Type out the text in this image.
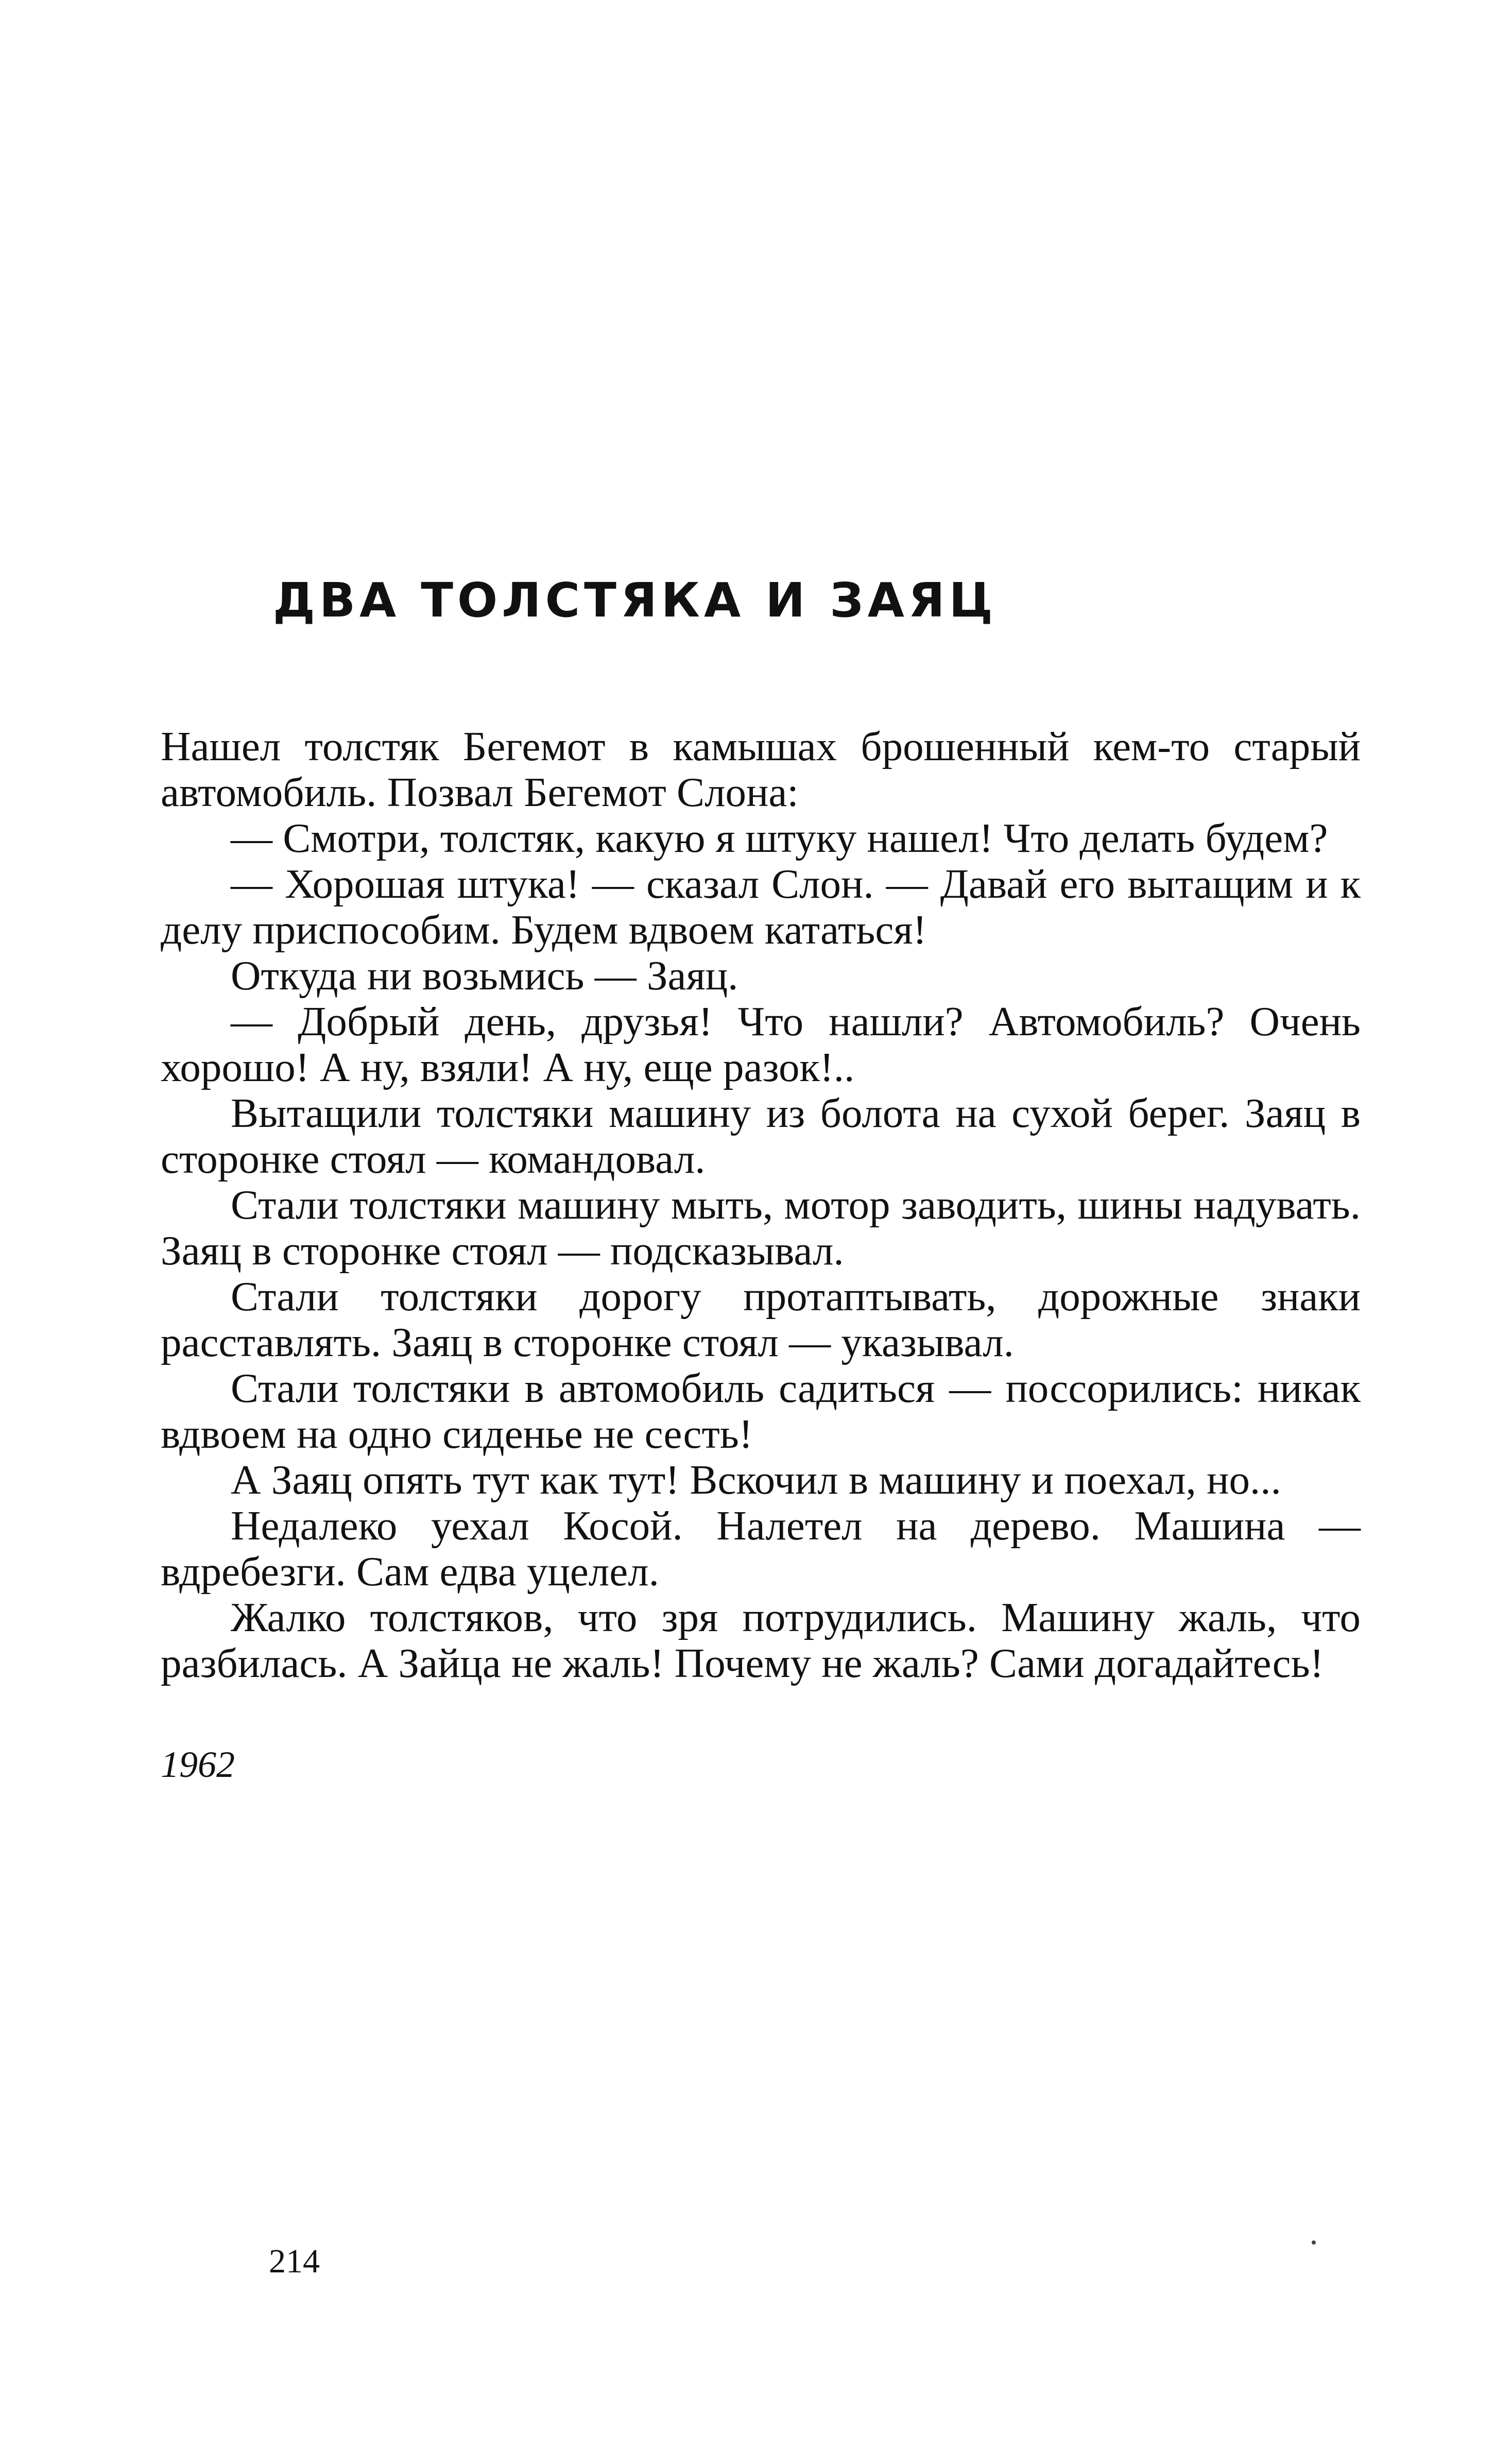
ДВА ТОЛСТЯКА И ЗАЯЦ

Нашел толстяк Бегемот в камышах брошенный кем-то старый автомобиль. Позвал Бегемот Слона:

— Смотри, толстяк, какую я штуку нашел! Что делать будем?

— Хорошая штука! — сказал Слон. — Давай его вытащим и к делу приспособим. Будем вдвоем кататься!

Откуда ни возьмись — Заяц.

— Добрый день, друзья! Что нашли? Автомобиль? Очень хорошо! А ну, взяли! А ну, еще разок!..

Вытащили толстяки машину из болота на сухой берег. Заяц в сторонке стоял — командовал.

Стали толстяки машину мыть, мотор заводить, шины надувать. Заяц в сторонке стоял — подсказывал.

Стали толстяки дорогу протаптывать, дорожные знаки расставлять. Заяц в сторонке стоял — указывал.

Стали толстяки в автомобиль садиться — поссорились: никак вдвоем на одно сиденье не сесть!

А Заяц опять тут как тут! Вскочил в машину и поехал, но...

Недалеко уехал Косой. Налетел на дерево. Машина — вдребезги. Сам едва уцелел.

Жалко толстяков, что зря потрудились. Машину жаль, что разбилась. А Зайца не жаль! Почему не жаль? Сами догадайтесь!

1962
214
